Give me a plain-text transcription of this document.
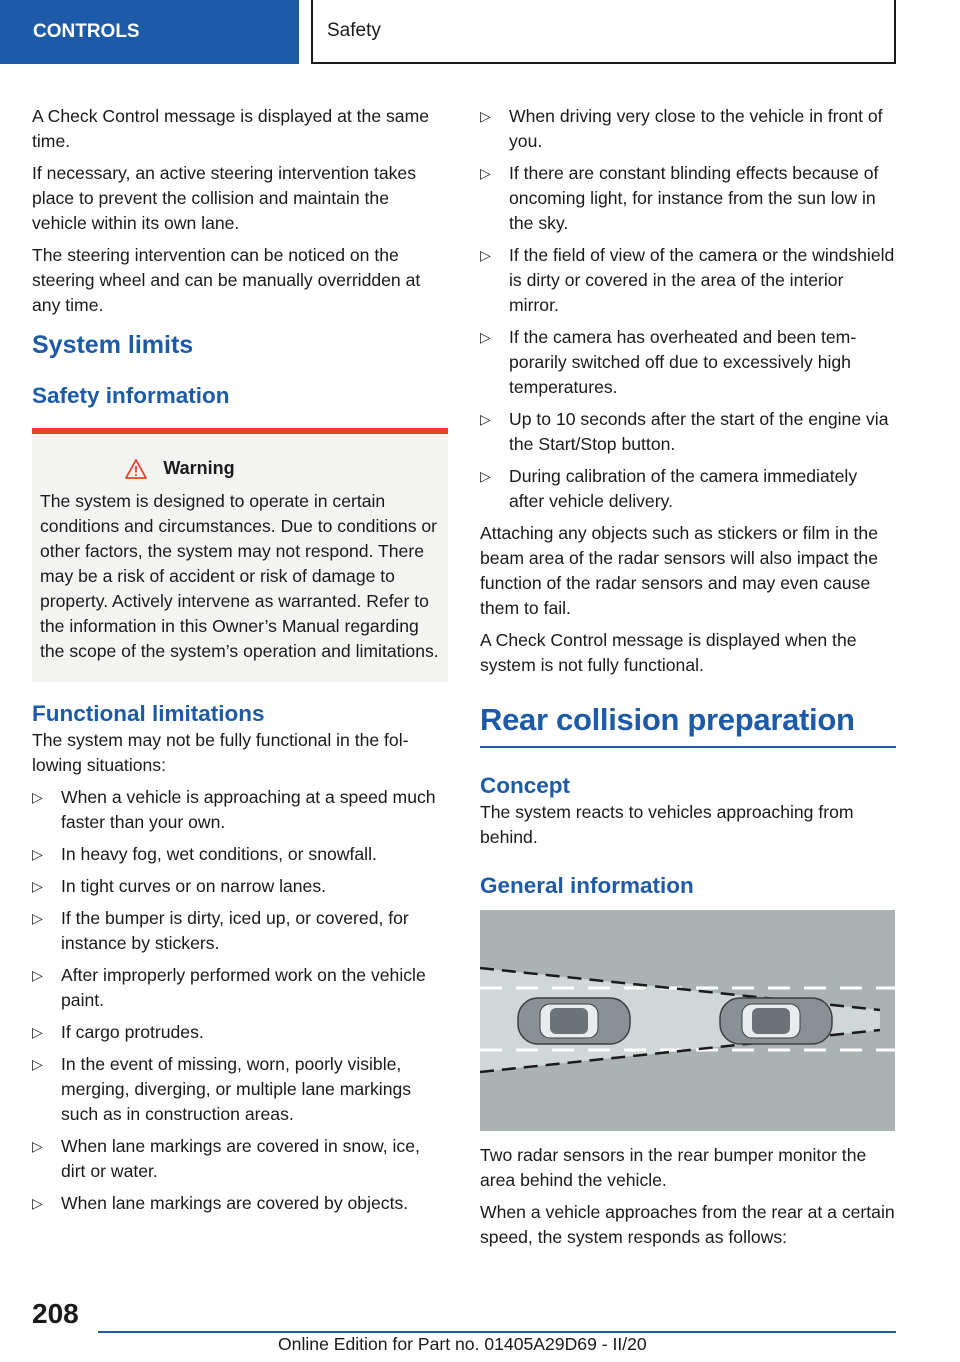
CONTROLS	Safety

A Check Control message is displayed at the same time.

If necessary, an active steering intervention takes place to prevent the collision and maintain the vehicle within its own lane.

The steering intervention can be noticed on the steering wheel and can be manually overridden at any time.

System limits
Safety information
Warning
The system is designed to operate in certain conditions and circumstances. Due to conditions or other factors, the system may not respond. There may be a risk of accident or risk of damage to property. Actively intervene as warranted. Refer to the information in this Owner’s Manual regarding the scope of the system’s operation and limitations.
Functional limitations

The system may not be fully functional in the following situations:

▷ When a vehicle is approaching at a speed much faster than your own.
▷ In heavy fog, wet conditions, or snowfall.
▷ In tight curves or on narrow lanes.
▷ If the bumper is dirty, iced up, or covered, for instance by stickers.
▷ After improperly performed work on the vehicle paint.
▷ If cargo protrudes.
▷ In the event of missing, worn, poorly visible, merging, diverging, or multiple lane markings such as in construction areas.
▷ When lane markings are covered in snow, ice, dirt or water.
▷ When lane markings are covered by objects.
▷ When driving very close to the vehicle in front of you.
▷ If there are constant blinding effects because of oncoming light, for instance from the sun low in the sky.
▷ If the field of view of the camera or the windshield is dirty or covered in the area of the interior mirror.
▷ If the camera has overheated and been temporarily switched off due to excessively high temperatures.
▷ Up to 10 seconds after the start of the engine via the Start/Stop button.
▷ During calibration of the camera immediately after vehicle delivery.

Attaching any objects such as stickers or film in the beam area of the radar sensors will also impact the function of the radar sensors and may even cause them to fail.

A Check Control message is displayed when the system is not fully functional.

Rear collision preparation
Concept

The system reacts to vehicles approaching from behind.

General information

Two radar sensors in the rear bumper monitor the area behind the vehicle.

When a vehicle approaches from the rear at a certain speed, the system responds as follows:

208
Online Edition for Part no. 01405A29D69 - II/20
